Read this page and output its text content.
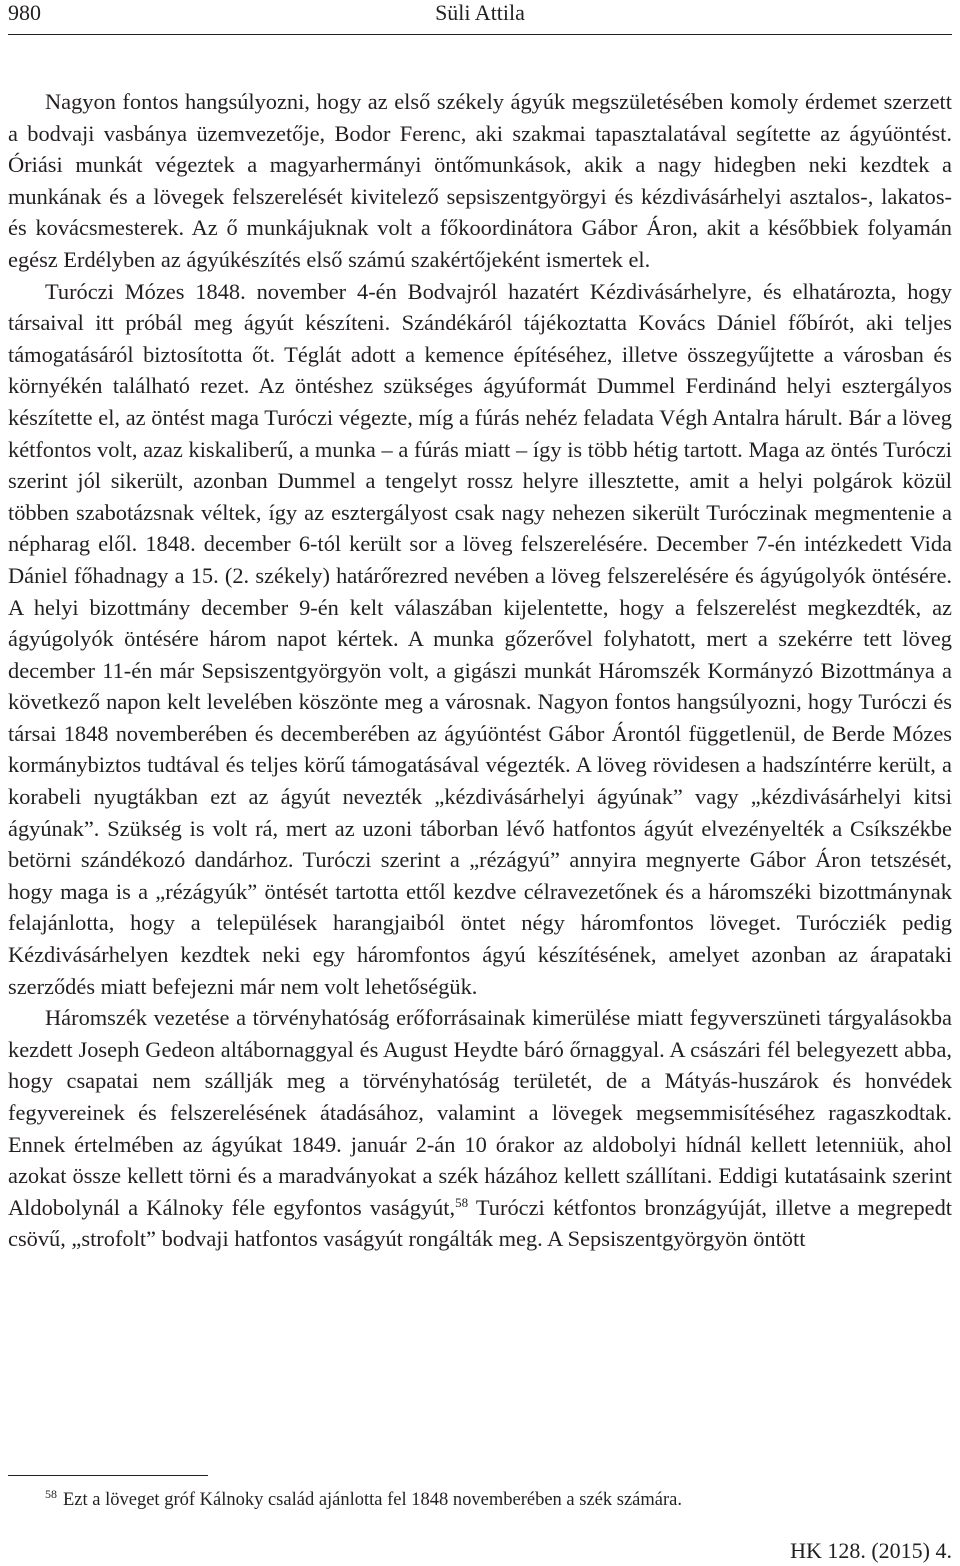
980	Süli Attila

Nagyon fontos hangsúlyozni, hogy az első székely ágyúk megszületésében komoly érdemet szerzett a bodvaji vasbánya üzemvezetője, Bodor Ferenc, aki szakmai tapasztalatával segítette az ágyúöntést. Óriási munkát végeztek a magyarhermányi öntőmunkások, akik a nagy hidegben neki kezdtek a munkának és a lövegek felszerelését kivitelező sepsiszentgyörgyi és kézdivásárhelyi asztalos-, lakatos- és kovácsmesterek. Az ő munkájuknak volt a főkoordinátora Gábor Áron, akit a későbbiek folyamán egész Erdélyben az ágyúkészítés első számú szakértőjeként ismertek el.

Turóczi Mózes 1848. november 4-én Bodvajról hazatért Kézdivásárhelyre, és elhatározta, hogy társaival itt próbál meg ágyút készíteni. Szándékáról tájékoztatta Kovács Dániel főbírót, aki teljes támogatásáról biztosította őt. Téglát adott a kemence építéséhez, illetve összegyűjtette a városban és környékén található rezet. Az öntéshez szükséges ágyúformát Dummel Ferdinánd helyi esztergályos készítette el, az öntést maga Turóczi végezte, míg a fúrás nehéz feladata Végh Antalra hárult. Bár a löveg kétfontos volt, azaz kiskaliberű, a munka – a fúrás miatt – így is több hétig tartott. Maga az öntés Turóczi szerint jól sikerült, azonban Dummel a tengelyt rossz helyre illesztette, amit a helyi polgárok közül többen szabotázsnak véltek, így az esztergályost csak nagy nehezen sikerült Turóczinak megmentenie a népharag elől. 1848. december 6-tól került sor a löveg felszerelésére. December 7-én intézkedett Vida Dániel főhadnagy a 15. (2. székely) határőrezred nevében a löveg felszerelésére és ágyúgolyók öntésére. A helyi bizottmány december 9-én kelt válaszában kijelentette, hogy a felszerelést megkezdték, az ágyúgolyók öntésére három napot kértek. A munka gőzerővel folyhatott, mert a szekérre tett löveg december 11-én már Sepsiszentgyörgyön volt, a gigászi munkát Háromszék Kormányzó Bizottmánya a következő napon kelt levelében köszönte meg a városnak. Nagyon fontos hangsúlyozni, hogy Turóczi és társai 1848 novemberében és decemberében az ágyúöntést Gábor Árontól függetlenül, de Berde Mózes kormánybiztos tudtával és teljes körű támogatásával végezték. A löveg rövidesen a hadszíntérre került, a korabeli nyugtákban ezt az ágyút nevezték „kézdivásárhelyi ágyúnak” vagy „kézdivásárhelyi kitsi ágyúnak”. Szükség is volt rá, mert az uzoni táborban lévő hatfontos ágyút elvezényelték a Csíkszékbe betörni szándékozó dandárhoz. Turóczi szerint a „rézágyú” annyira megnyerte Gábor Áron tetszését, hogy maga is a „rézágyúk” öntését tartotta ettől kezdve célravezetőnek és a háromszéki bizottmánynak felajánlotta, hogy a települések harangjaiból öntet négy háromfontos löveget. Turócziék pedig Kézdivásárhelyen kezdtek neki egy háromfontos ágyú készítésének, amelyet azonban az árapataki szerződés miatt befejezni már nem volt lehetőségük.

Háromszék vezetése a törvényhatóság erőforrásainak kimerülése miatt fegyverszüneti tárgyalásokba kezdett Joseph Gedeon altábornaggyal és August Heydte báró őrnaggyal. A császári fél belegyezett abba, hogy csapatai nem szállják meg a törvényhatóság területét, de a Mátyás-huszárok és honvédek fegyvereinek és felszerelésének átadásához, valamint a lövegek megsemmisítéséhez ragaszkodtak. Ennek értelmében az ágyúkat 1849. január 2-án 10 órakor az aldobolyi hídnál kellett letenniük, ahol azokat össze kellett törni és a maradványokat a szék házához kellett szállítani. Eddigi kutatásaink szerint Aldobolynál a Kálnoky féle egyfontos vaságyút,$^{58}$ Turóczi kétfontos bronzágyúját, illetve a megrepedt csövű, „strofolt” bodvaji hatfontos vaságyút rongálták meg. A Sepsiszentgyörgyön öntött

$^{58}$ Ezt a löveget gróf Kálnoky család ajánlotta fel 1848 novemberében a szék számára.
HK 128. (2015) 4.
